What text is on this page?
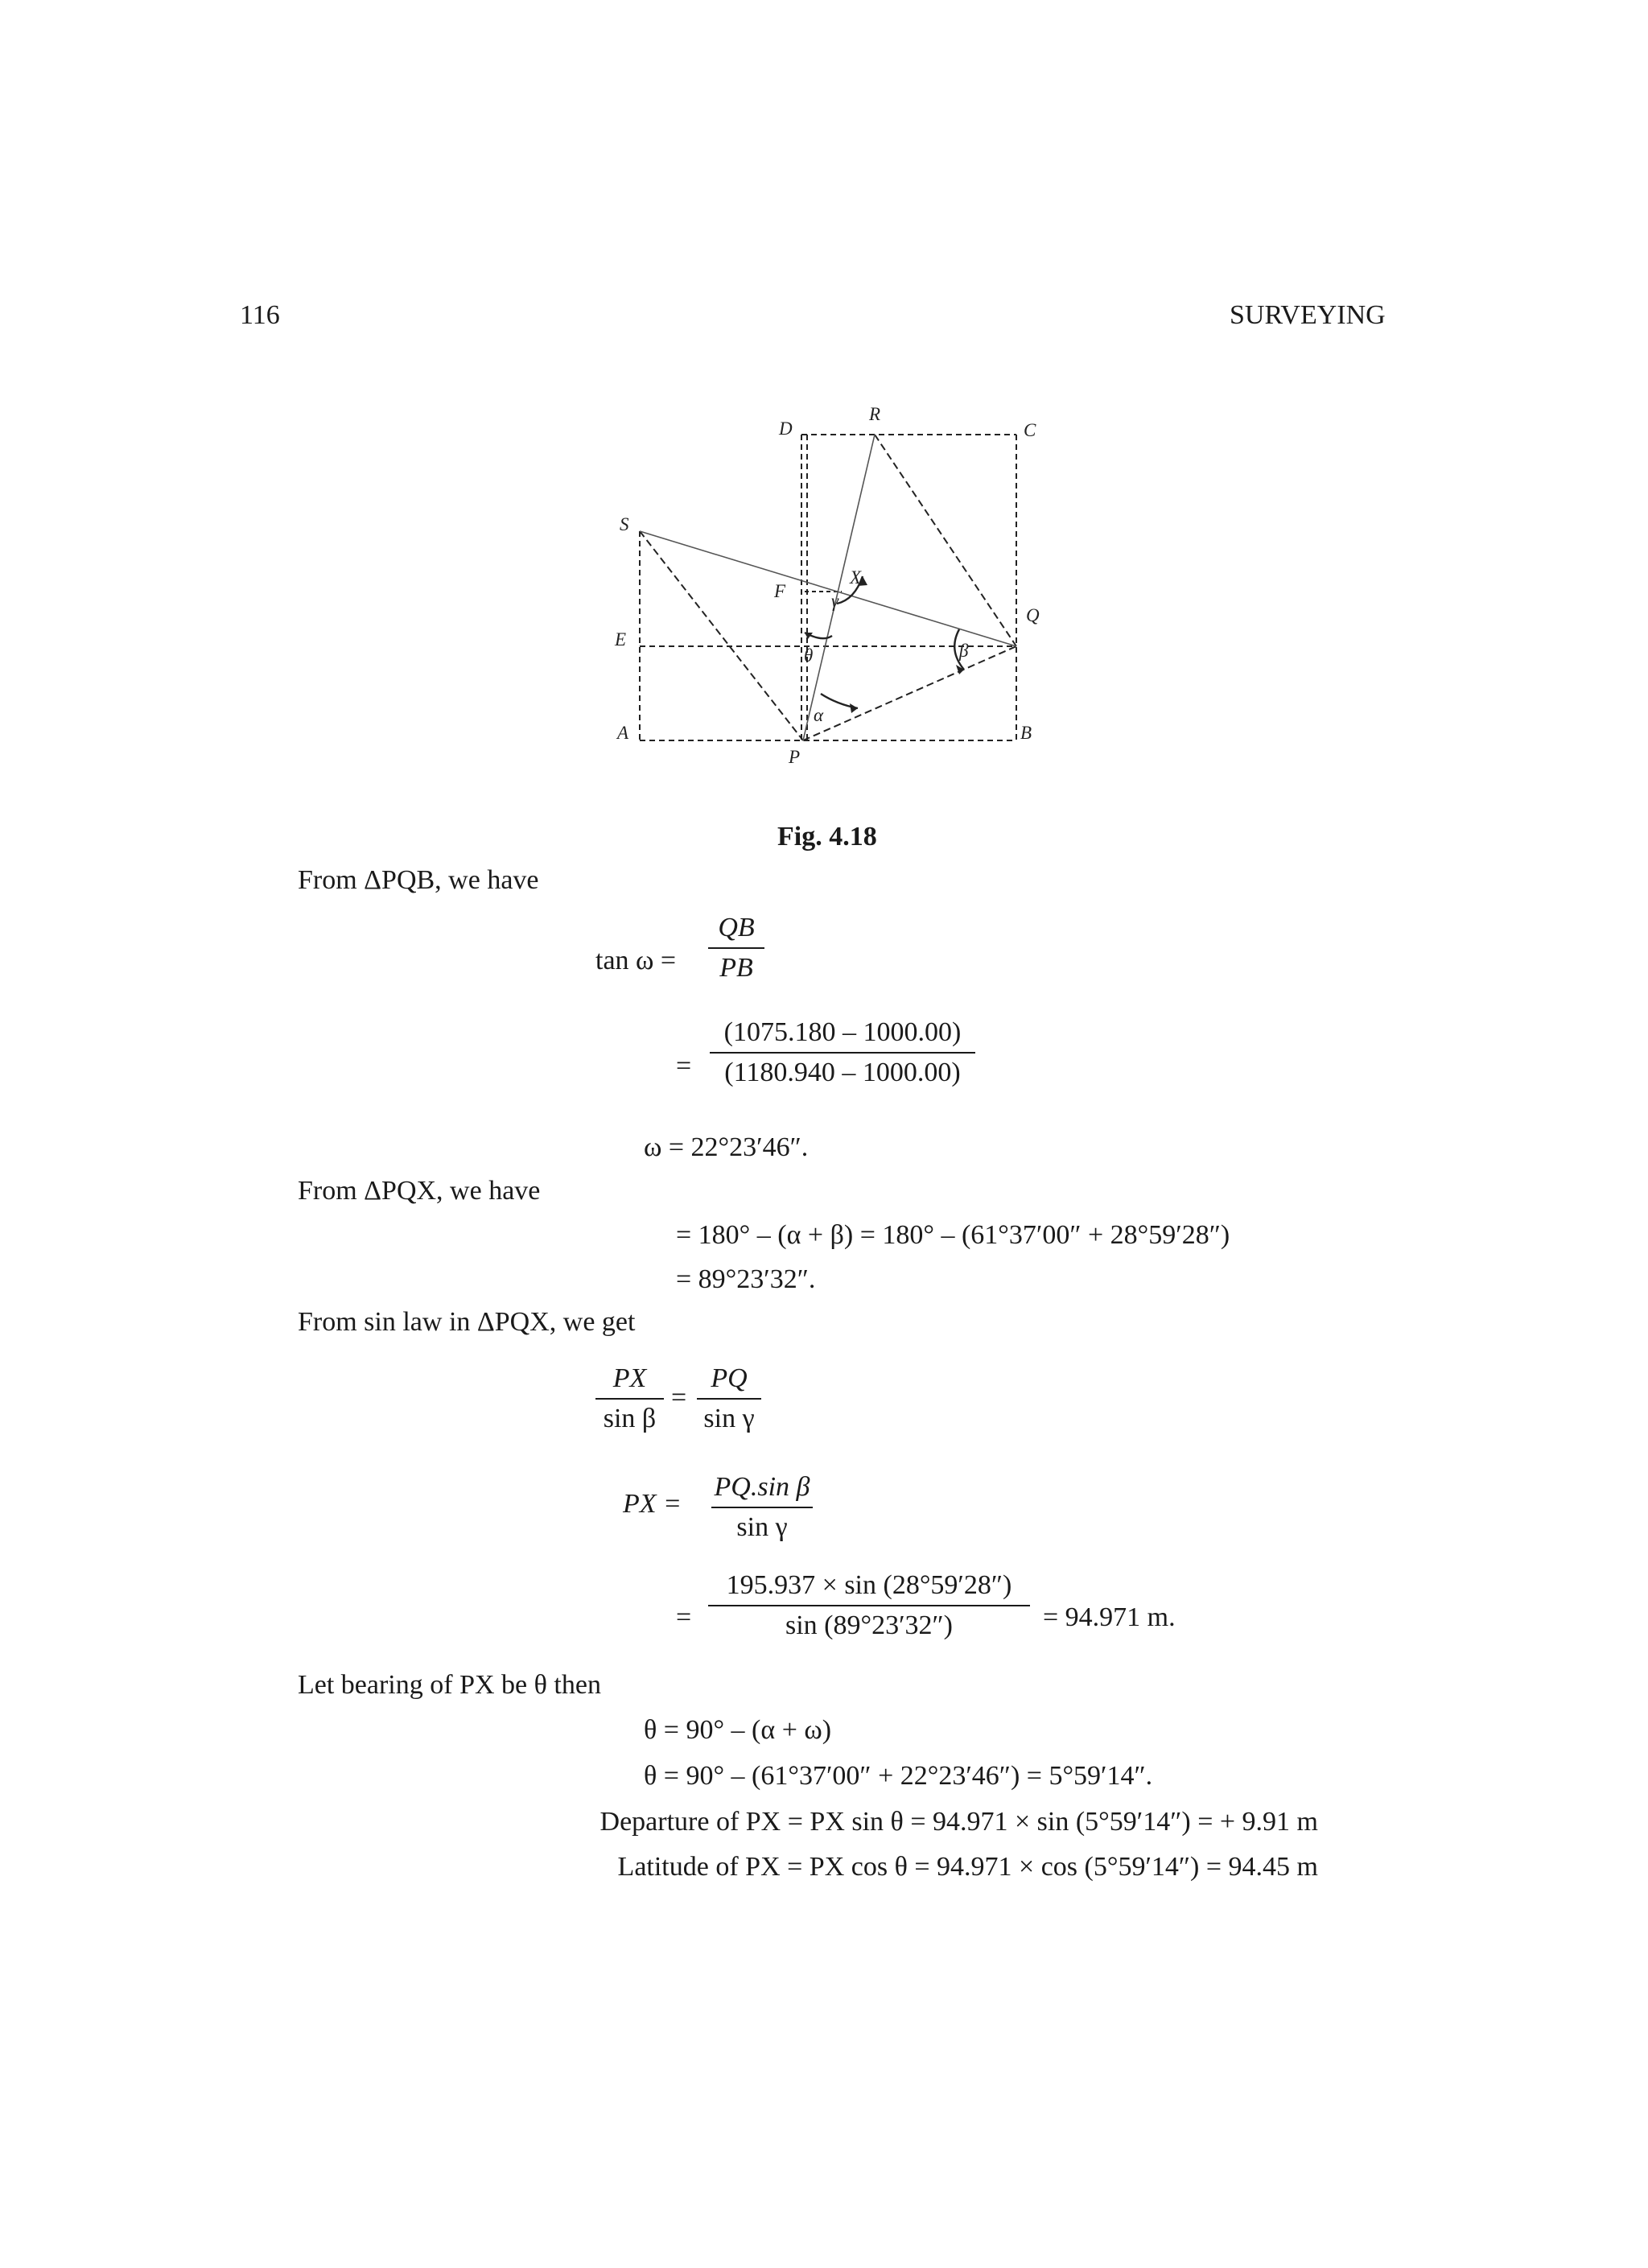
116	SURVEYING
D
R
C
S
X
F
Q
E
A
P
B
γ
θ
α
β
Fig. 4.18
From ΔPQB, we have
tan ω =
QB
PB
=
(1075.180 – 1000.00)
(1180.940 – 1000.00)
ω = 22°23′46″.
From ΔPQX, we have
= 180° – (α + β) = 180° – (61°37′00″ + 28°59′28″)
= 89°23′32″.
From sin law in ΔPQX, we get
PX
sin β
=
PQ
sin γ
PX =
PQ.sin β
sin γ
=
195.937 × sin (28°59′28″)
sin (89°23′32″)	= 94.971 m.
Let bearing of PX be θ then
θ = 90° – (α + ω)
θ = 90° – (61°37′00″ + 22°23′46″) = 5°59′14″.
Departure of PX = PX sin θ = 94.971 × sin (5°59′14″) = + 9.91 m
Latitude of PX = PX cos θ = 94.971 × cos (5°59′14″) = 94.45 m
